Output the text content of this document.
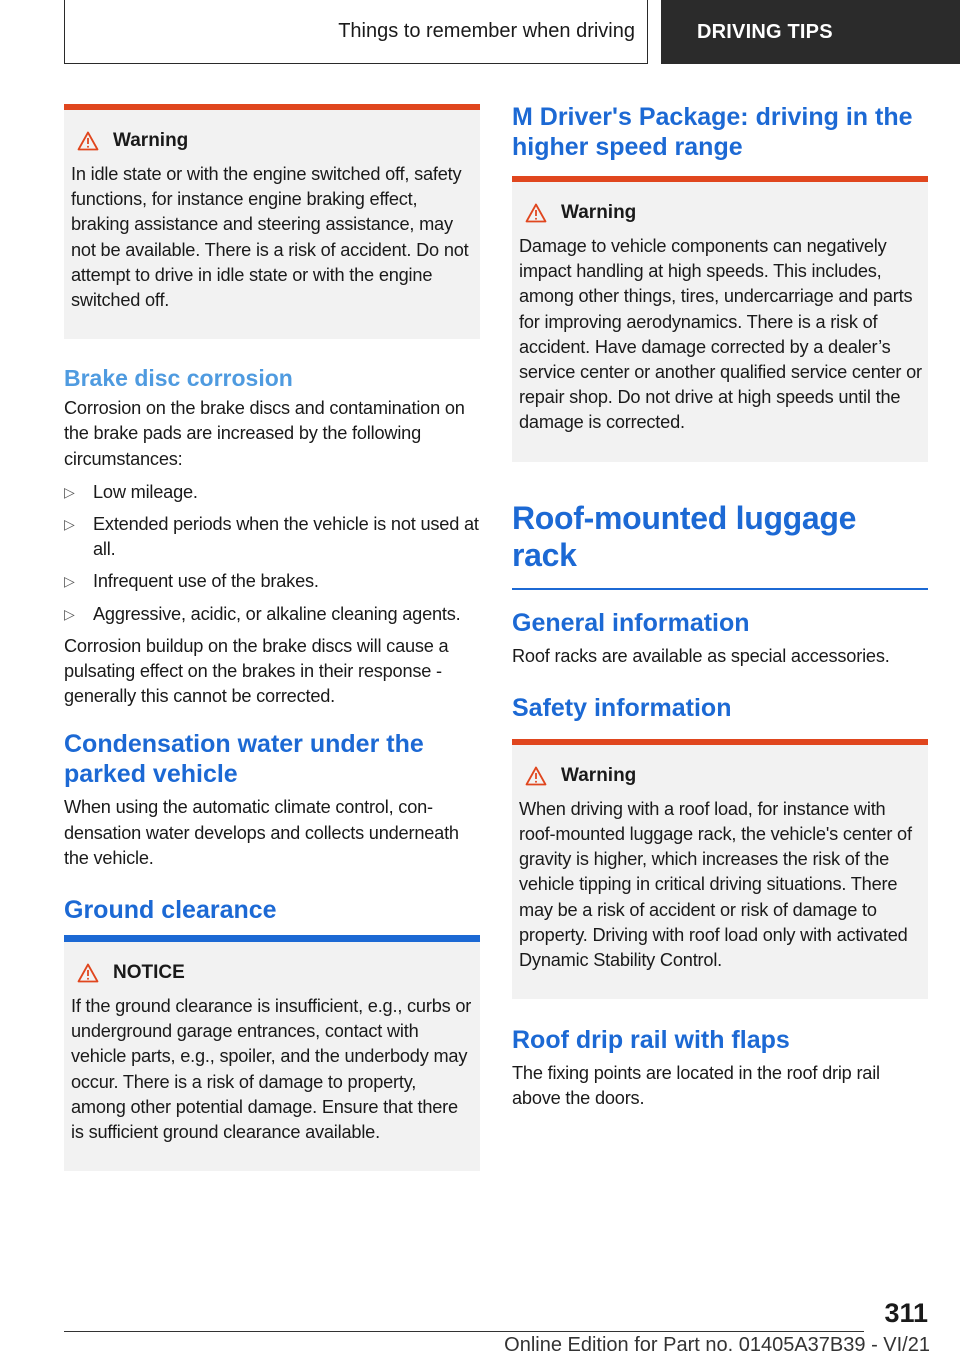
Things to remember when driving	DRIVING TIPS
Warning
In idle state or with the engine switched off, safety functions, for instance engine braking effect, braking assistance and steering assistance, may not be available. There is a risk of accident. Do not attempt to drive in idle state or with the engine switched off.
Brake disc corrosion

Corrosion on the brake discs and contamination on the brake pads are increased by the following circumstances:

▷ Low mileage.
▷ Extended periods when the vehicle is not used at all.
▷ Infrequent use of the brakes.
▷ Aggressive, acidic, or alkaline cleaning agents.

Corrosion buildup on the brake discs will cause a pulsating effect on the brakes in their response - generally this cannot be corrected.

Condensation water under the parked vehicle

When using the automatic climate control, condensation water develops and collects underneath the vehicle.

Ground clearance
NOTICE
If the ground clearance is insufficient, e.g., curbs or underground garage entrances, contact with vehicle parts, e.g., spoiler, and the underbody may occur. There is a risk of damage to property, among other potential damage. Ensure that there is sufficient ground clearance available.
M Driver's Package: driving in the higher speed range
Warning
Damage to vehicle components can negatively impact handling at high speeds. This includes, among other things, tires, undercarriage and parts for improving aerodynamics. There is a risk of accident. Have damage corrected by a dealer’s service center or another qualified service center or repair shop. Do not drive at high speeds until the damage is corrected.
Roof-mounted luggage rack
General information

Roof racks are available as special accessories.

Safety information
Warning
When driving with a roof load, for instance with roof-mounted luggage rack, the vehicle's center of gravity is higher, which increases the risk of the vehicle tipping in critical driving situations. There may be a risk of accident or risk of damage to property. Driving with roof load only with activated Dynamic Stability Control.
Roof drip rail with flaps

The fixing points are located in the roof drip rail above the doors.

311
Online Edition for Part no. 01405A37B39 - VI/21
